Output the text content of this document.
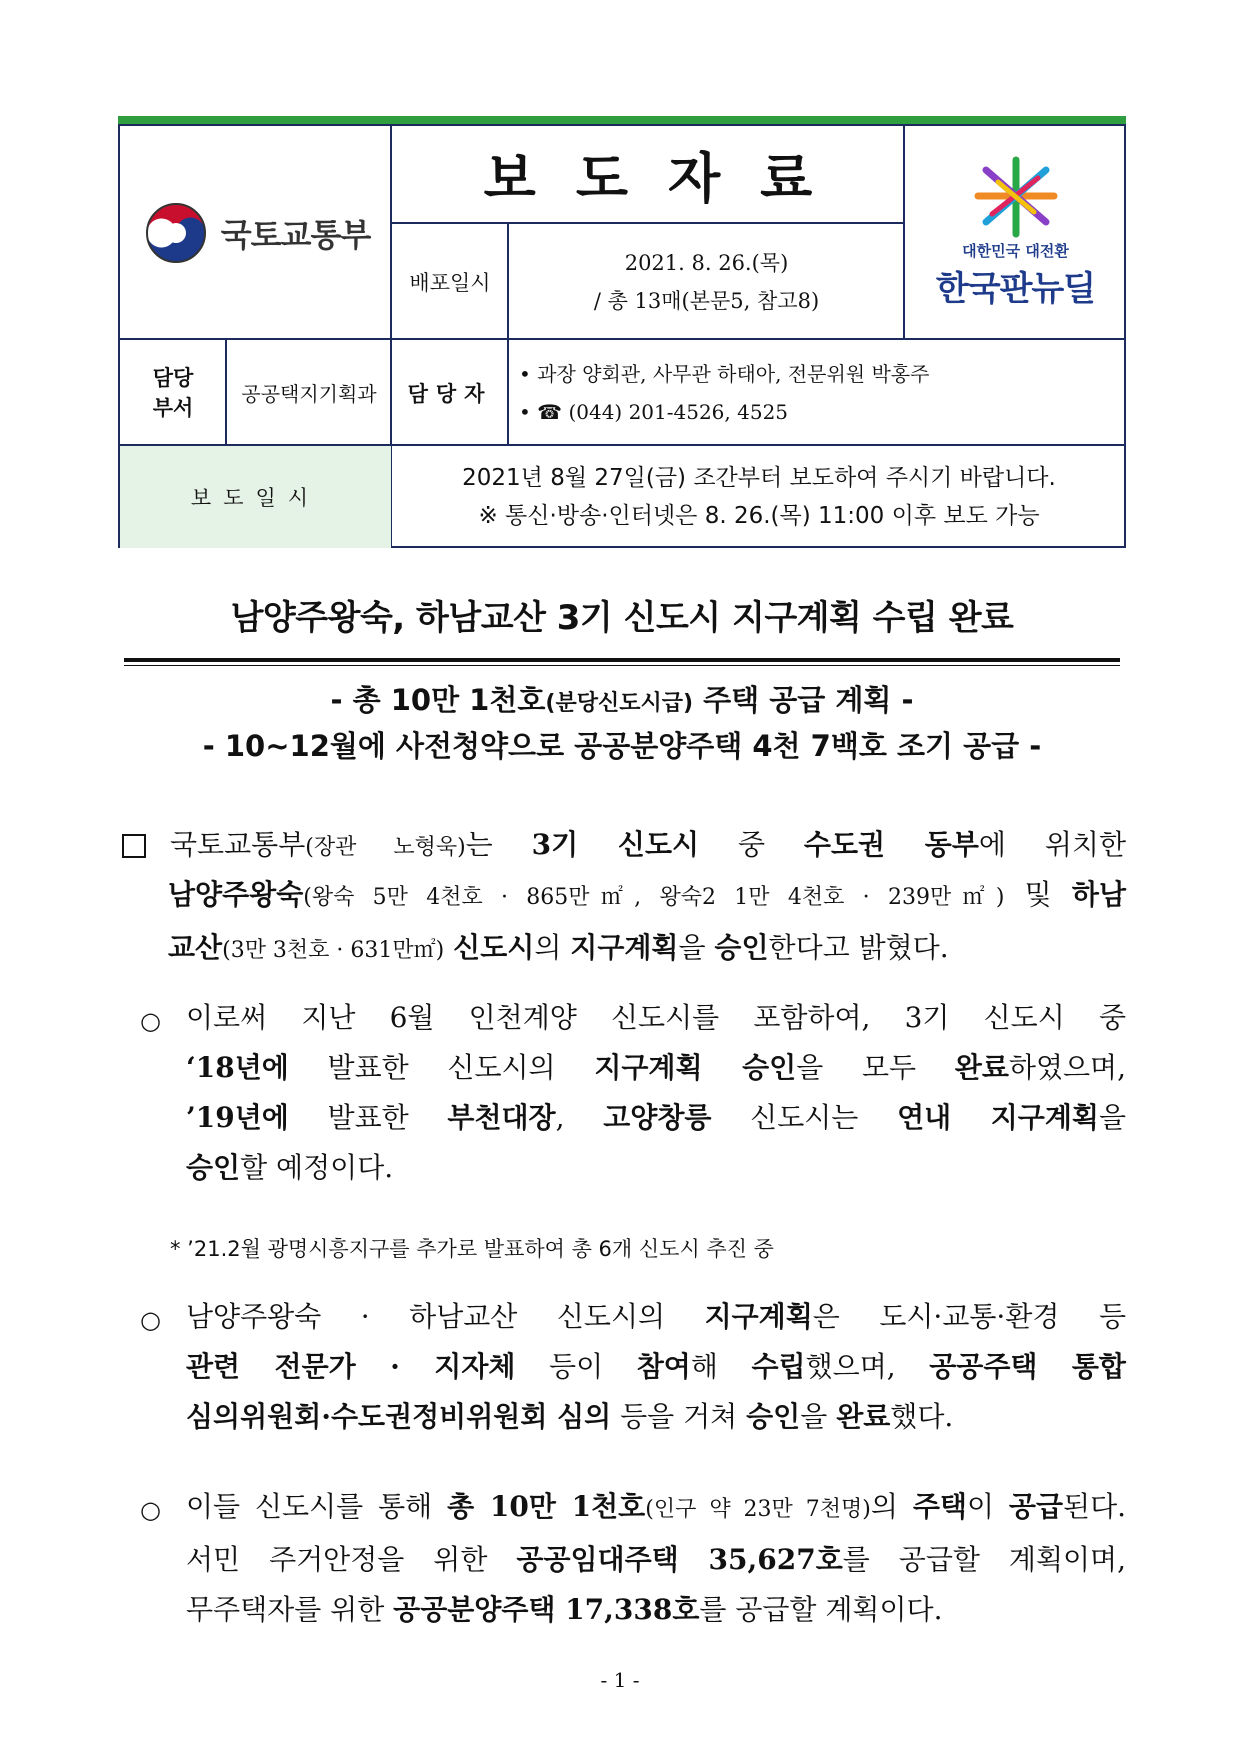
국토교통부
보도자료
배포일시
2021. 8. 26.(목)
/ 총 13매(본문5, 참고8)
대한민국 대전환
한국판뉴딜
담당 부서
공공택지기획과	담당자
• 과장 양회관, 사무관 하태아, 전문위원 박홍주
• ☎ (044) 201-4526, 4525
보도일시
2021년 8월 27일(금) 조간부터 보도하여 주시기 바랍니다.
※ 통신·방송·인터넷은 8. 26.(목) 11:00 이후 보도 가능
남양주왕숙, 하남교산 3기 신도시 지구계획 수립 완료
- 총 10만 1천호(분당신도시급) 주택 공급 계획 -
- 10~12월에 사전청약으로 공공분양주택 4천 7백호 조기 공급 -
국토교통부(장관 노형욱)는 3기 신도시 중 수도권 동부에 위치한
남양주왕숙(왕숙 5만 4천호 · 865만㎡, 왕숙2 1만 4천호 · 239만㎡) 및 하남
교산(3만 3천호 · 631만㎡) 신도시의 지구계획을 승인한다고 밝혔다.
○ 이로써 지난 6월 인천계양 신도시를 포함하여, 3기 신도시 중
‘18년에 발표한 신도시의 지구계획 승인을 모두 완료하였으며,
’19년에 발표한 부천대장, 고양창릉 신도시는 연내 지구계획을
승인할 예정이다.
* ’21.2월 광명시흥지구를 추가로 발표하여 총 6개 신도시 추진 중
○ 남양주왕숙 · 하남교산 신도시의 지구계획은 도시·교통·환경 등
관련 전문가 · 지자체 등이 참여해 수립했으며, 공공주택 통합
심의위원회·수도권정비위원회 심의 등을 거쳐 승인을 완료했다.
○ 이들 신도시를 통해 총 10만 1천호(인구 약 23만 7천명)의 주택이 공급된다.
서민 주거안정을 위한 공공임대주택 35,627호를 공급할 계획이며,
무주택자를 위한 공공분양주택 17,338호를 공급할 계획이다.
- 1 -
